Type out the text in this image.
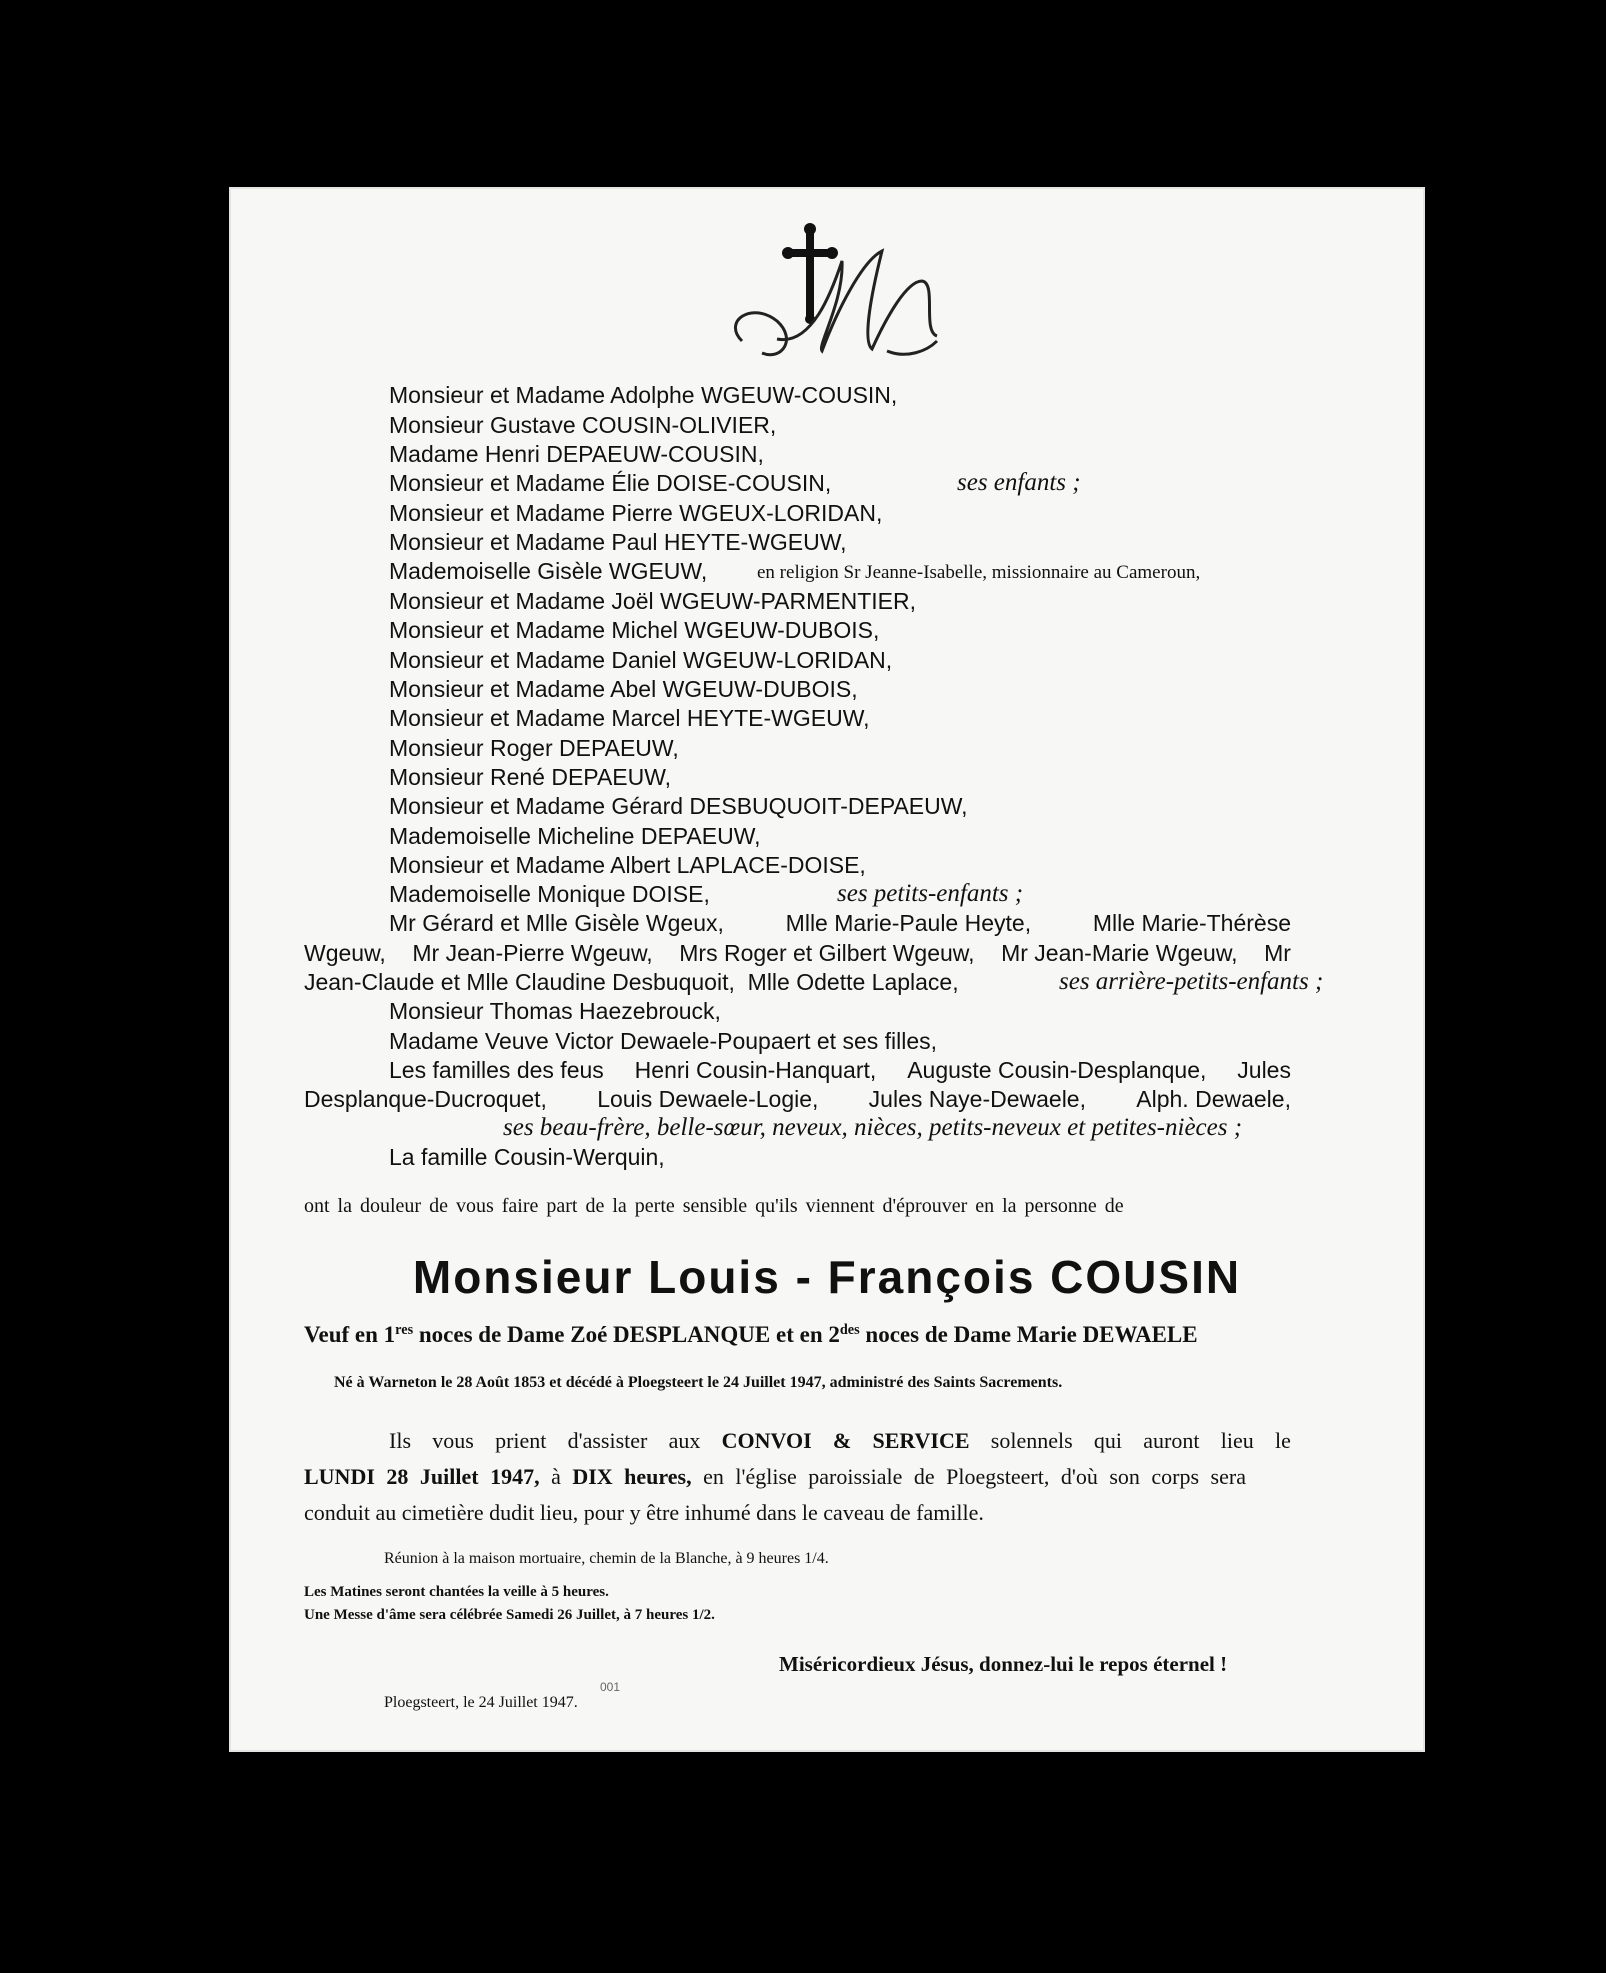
M
Monsieur et Madame Adolphe WGEUW-COUSIN,
Monsieur Gustave COUSIN-OLIVIER,
Madame Henri DEPAEUW-COUSIN,
Monsieur et Madame Élie DOISE-COUSIN,	ses enfants ;
Monsieur et Madame Pierre WGEUX-LORIDAN,
Monsieur et Madame Paul HEYTE-WGEUW,
Mademoiselle Gisèle WGEUW,	en religion Sr Jeanne-Isabelle, missionnaire au Cameroun,
Monsieur et Madame Joël WGEUW-PARMENTIER,
Monsieur et Madame Michel WGEUW-DUBOIS,
Monsieur et Madame Daniel WGEUW-LORIDAN,
Monsieur et Madame Abel WGEUW-DUBOIS,
Monsieur et Madame Marcel HEYTE-WGEUW,
Monsieur Roger DEPAEUW,
Monsieur René DEPAEUW,
Monsieur et Madame Gérard DESBUQUOIT-DEPAEUW,
Mademoiselle Micheline DEPAEUW,
Monsieur et Madame Albert LAPLACE-DOISE,
Mademoiselle Monique DOISE,	ses petits-enfants ;
Mr Gérard et Mlle Gisèle Wgeux,	Mlle Marie-Paule Heyte,	Mlle Marie-Thérèse
Wgeuw, Mr Jean-Pierre Wgeuw, Mrs Roger et Gilbert Wgeuw, Mr Jean-Marie Wgeuw, Mr
Jean-Claude et Mlle Claudine Desbuquoit, Mlle Odette Laplace,	ses arrière-petits-enfants ;
Monsieur Thomas Haezebrouck,
Madame Veuve Victor Dewaele-Poupaert et ses filles,
Les familles des feus Henri Cousin-Hanquart, Auguste Cousin-Desplanque, Jules
Desplanque-Ducroquet, Louis Dewaele-Logie, Jules Naye-Dewaele, Alph. Dewaele,
ses beau-frère, belle-sœur, neveux, nièces, petits-neveux et petites-nièces ;
La famille Cousin-Werquin,
ont la douleur de vous faire part de la perte sensible qu'ils viennent d'éprouver en la personne de
Monsieur Louis - François COUSIN
Veuf en 1res noces de Dame Zoé DESPLANQUE et en $2^{des}$ noces de Dame Marie DEWAELE
Né à Warneton le 28 Août 1853 et décédé à Ploegsteert le 24 Juillet 1947, administré des Saints Sacrements.
Ils vous prient d'assister aux CONVOI & SERVICE solennels qui auront lieu le
LUNDI 28 Juillet 1947, à DIX heures, en l'église paroissiale de Ploegsteert, d'où son corps sera
conduit au cimetière dudit lieu, pour y être inhumé dans le caveau de famille.
Réunion à la maison mortuaire, chemin de la Blanche, à 9 heures 1/4.
Les Matines seront chantées la veille à 5 heures.
Une Messe d'âme sera célébrée Samedi 26 Juillet, à 7 heures 1/2.
Miséricordieux Jésus, donnez-lui le repos éternel !
Ploegsteert, le 24 Juillet 1947.
001
